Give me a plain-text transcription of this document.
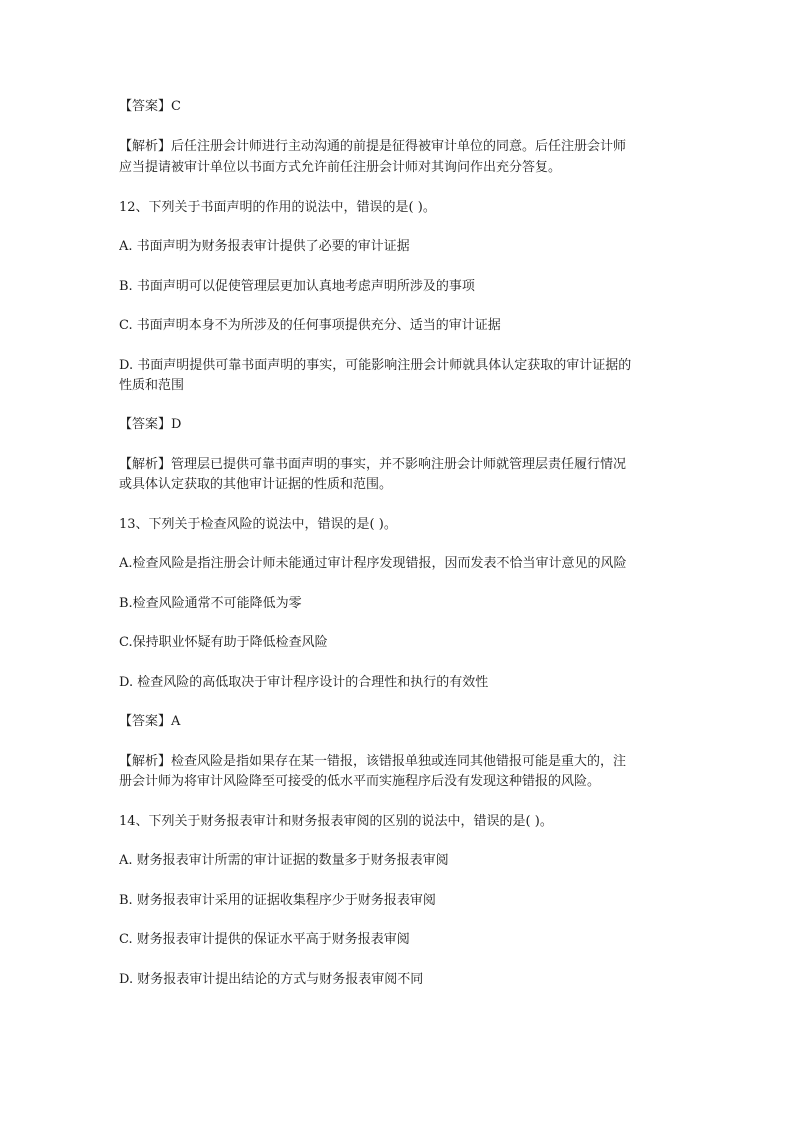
【答案】C

【解析】后任注册会计师进行主动沟通的前提是征得被审计单位的同意。后任注册会计师

应当提请被审计单位以书面方式允许前任注册会计师对其询问作出充分答复。

12、下列关于书面声明的作用的说法中，错误的是( )。

A. 书面声明为财务报表审计提供了必要的审计证据

B. 书面声明可以促使管理层更加认真地考虑声明所涉及的事项

C. 书面声明本身不为所涉及的任何事项提供充分、适当的审计证据

D. 书面声明提供可靠书面声明的事实，可能影响注册会计师就具体认定获取的审计证据的

性质和范围

【答案】D

【解析】管理层已提供可靠书面声明的事实，并不影响注册会计师就管理层责任履行情况

或具体认定获取的其他审计证据的性质和范围。

13、下列关于检查风险的说法中，错误的是( )。

A.检查风险是指注册会计师未能通过审计程序发现错报，因而发表不恰当审计意见的风险

B.检查风险通常不可能降低为零

C.保持职业怀疑有助于降低检查风险

D. 检查风险的高低取决于审计程序设计的合理性和执行的有效性

【答案】A

【解析】检查风险是指如果存在某一错报，该错报单独或连同其他错报可能是重大的，注

册会计师为将审计风险降至可接受的低水平而实施程序后没有发现这种错报的风险。

14、下列关于财务报表审计和财务报表审阅的区别的说法中，错误的是( )。

A. 财务报表审计所需的审计证据的数量多于财务报表审阅

B. 财务报表审计采用的证据收集程序少于财务报表审阅

C. 财务报表审计提供的保证水平高于财务报表审阅

D. 财务报表审计提出结论的方式与财务报表审阅不同
